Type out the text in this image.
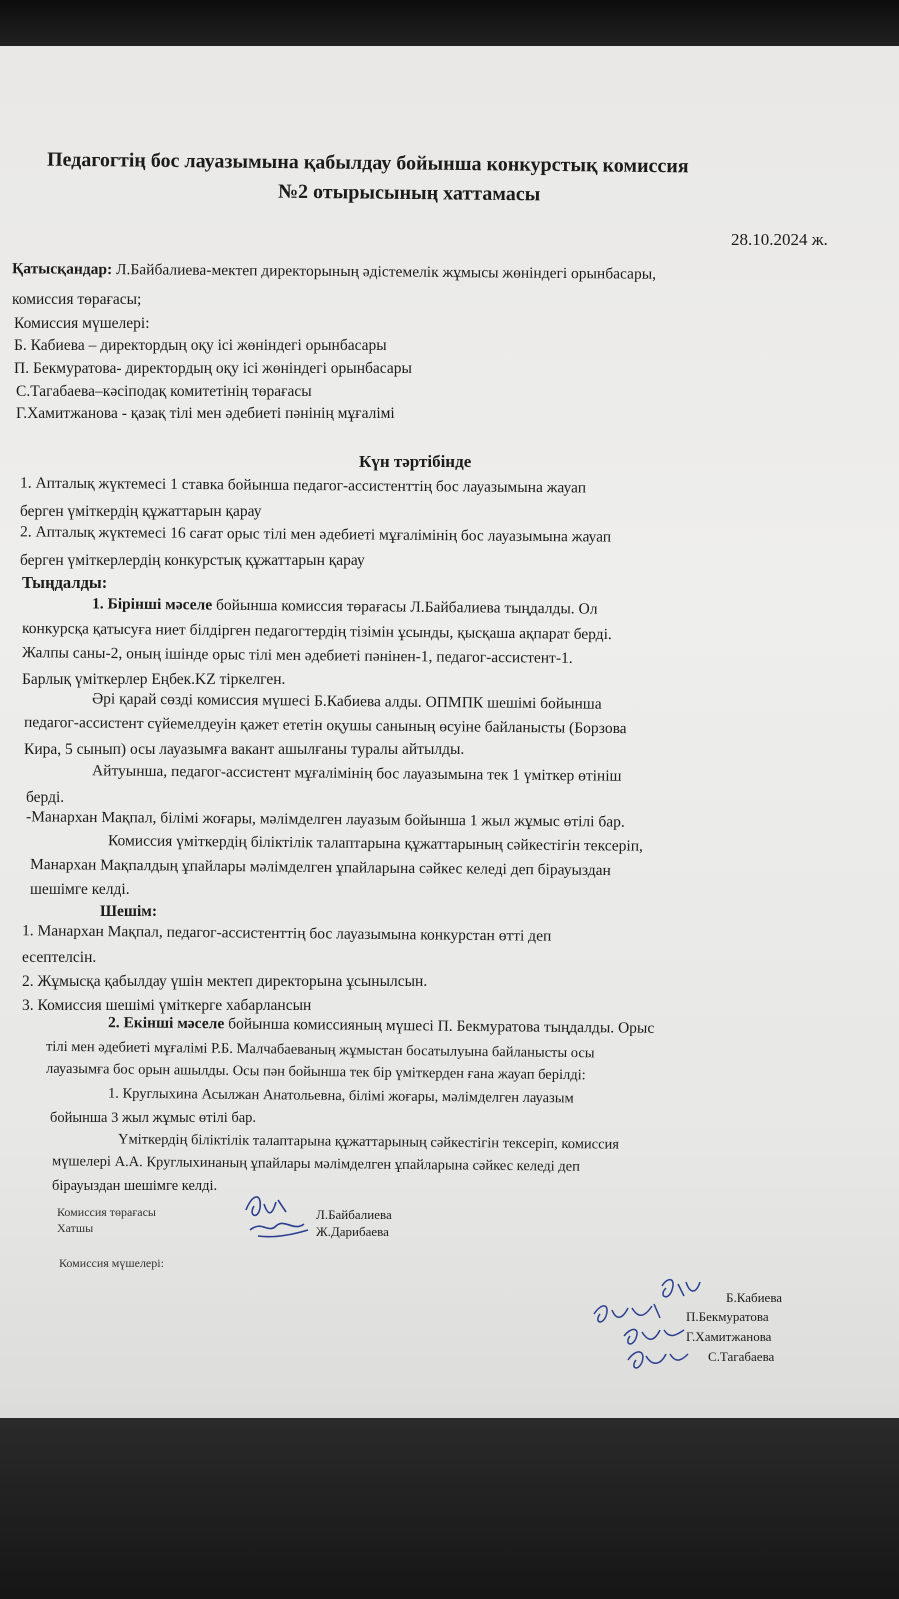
Педагогтің бос лауазымына қабылдау бойынша конкурстық комиссия
№2 отырысының хаттамасы
28.10.2024 ж.
Қатысқандар: Л.Байбалиева-мектеп директорының әдістемелік жұмысы жөніндегі орынбасары,
комиссия төрағасы;
Комиссия мүшелері:
Б. Кабиева – директордың оқу ісі жөніндегі орынбасары
П. Бекмуратова- директордың оқу ісі жөніндегі орынбасары
С.Тагабаева–кәсіподақ комитетінің төрағасы
Г.Хамитжанова - қазақ тілі мен әдебиеті пәнінің мұғалімі
Күн тәртібінде
1. Апталық жүктемесі 1 ставка бойынша педагог-ассистенттің бос лауазымына жауап
берген үміткердің құжаттарын қарау
2. Апталық жүктемесі 16 сағат орыс тілі мен әдебиеті мұғалімінің бос лауазымына жауап
берген үміткерлердің конкурстық құжаттарын қарау
Тыңдалды:
1. Бірінші мәселе бойынша комиссия төрағасы Л.Байбалиева тыңдалды. Ол
конкурсқа қатысуға ниет білдірген педагогтердің тізімін ұсынды, қысқаша ақпарат берді.
Жалпы саны-2, оның ішінде орыс тілі мен әдебиеті пәнінен-1, педагог-ассистент-1.
Барлық үміткерлер Еңбек.KZ тіркелген.
Әрі қарай сөзді комиссия мүшесі Б.Кабиева алды. ОПМПК шешімі бойынша
педагог-ассистент сүйемелдеуін қажет ететін оқушы санының өсуіне байланысты (Борзова
Кира, 5 сынып) осы лауазымға вакант ашылғаны туралы айтылды.
Айтуынша, педагог-ассистент мұғалімінің бос лауазымына тек 1 үміткер өтініш
берді.
-Манархан Мақпал, білімі жоғары, мәлімделген лауазым бойынша 1 жыл жұмыс өтілі бар.
Комиссия үміткердің біліктілік талаптарына құжаттарының сәйкестігін тексеріп,
Манархан Мақпалдың ұпайлары мәлімделген ұпайларына сәйкес келеді деп бірауыздан
шешімге келді.
Шешім:
1. Манархан Мақпал, педагог-ассистенттің бос лауазымына конкурстан өтті деп
есептелсін.
2. Жұмысқа қабылдау үшін мектеп директорына ұсынылсын.
3. Комиссия шешімі үміткерге хабарлансын
2. Екінші мәселе бойынша комиссияның мүшесі П. Бекмуратова тыңдалды. Орыс
тілі мен әдебиеті мұғалімі Р.Б. Малчабаеваның жұмыстан босатылуына байланысты осы
лауазымға бос орын ашылды. Осы пән бойынша тек бір үміткерден ғана жауап берілді:
1. Круглыхина Асылжан Анатольевна, білімі жоғары, мәлімделген лауазым
бойынша 3 жыл жұмыс өтілі бар.
Үміткердің біліктілік талаптарына құжаттарының сәйкестігін тексеріп, комиссия
мүшелері А.А. Круглыхинаның ұпайлары мәлімделген ұпайларына сәйкес келеді деп
бірауыздан шешімге келді.
Комиссия төрағасы
Хатшы
Л.Байбалиева
Ж.Дарибаева
Комиссия мүшелері:
Б.Кабиева
П.Бекмуратова
Г.Хамитжанова
С.Тагабаева
